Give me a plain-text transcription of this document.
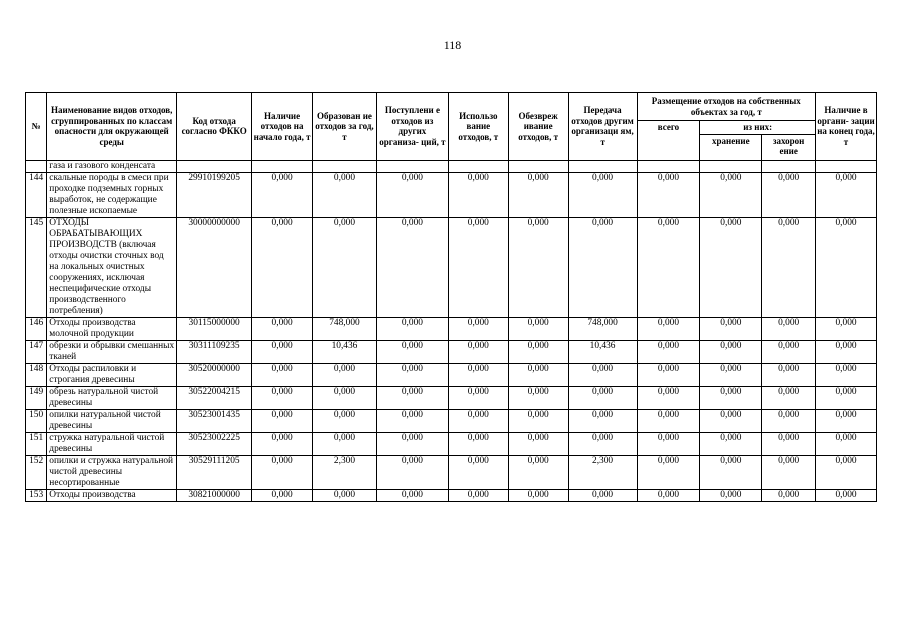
118
№	Наименование видов отходов, сгруппированных по классам опасности для окружающей среды	Код отхода согласно ФККО	Наличие отходов на начало года, т	Образован ие отходов за год, т	Поступлени е отходов из других организа- ций, т	Использо вание отходов, т	Обезвреж ивание отходов, т	Передача отходов другим организаци ям, т	Размещение отходов на собственных объектах за год, т			Наличие в органи- зации на конец года, т
									всего	из них:		
										хранение	захорон ение	
	газа и газового конденсата											
144	скальные породы в смеси при проходке подземных горных выработок, не содержащие полезные ископаемые	29910199205	0,000	0,000	0,000	0,000	0,000	0,000	0,000	0,000	0,000	0,000
145	ОТХОДЫ ОБРАБАТЫВАЮЩИХ ПРОИЗВОДСТВ (включая отходы очистки сточных вод на локальных очистных сооружениях, исключая неспецифические отходы производственного потребления)	30000000000	0,000	0,000	0,000	0,000	0,000	0,000	0,000	0,000	0,000	0,000
146	Отходы производства молочной продукции	30115000000	0,000	748,000	0,000	0,000	0,000	748,000	0,000	0,000	0,000	0,000
147	обрезки и обрывки смешанных тканей	30311109235	0,000	10,436	0,000	0,000	0,000	10,436	0,000	0,000	0,000	0,000
148	Отходы распиловки и строгания древесины	30520000000	0,000	0,000	0,000	0,000	0,000	0,000	0,000	0,000	0,000	0,000
149	обрезь натуральной чистой древесины	30522004215	0,000	0,000	0,000	0,000	0,000	0,000	0,000	0,000	0,000	0,000
150	опилки натуральной чистой древесины	30523001435	0,000	0,000	0,000	0,000	0,000	0,000	0,000	0,000	0,000	0,000
151	стружка натуральной чистой древесины	30523002225	0,000	0,000	0,000	0,000	0,000	0,000	0,000	0,000	0,000	0,000
152	опилки и стружка натуральной чистой древесины несортированные	30529111205	0,000	2,300	0,000	0,000	0,000	2,300	0,000	0,000	0,000	0,000
153	Отходы производства	30821000000	0,000	0,000	0,000	0,000	0,000	0,000	0,000	0,000	0,000	0,000
